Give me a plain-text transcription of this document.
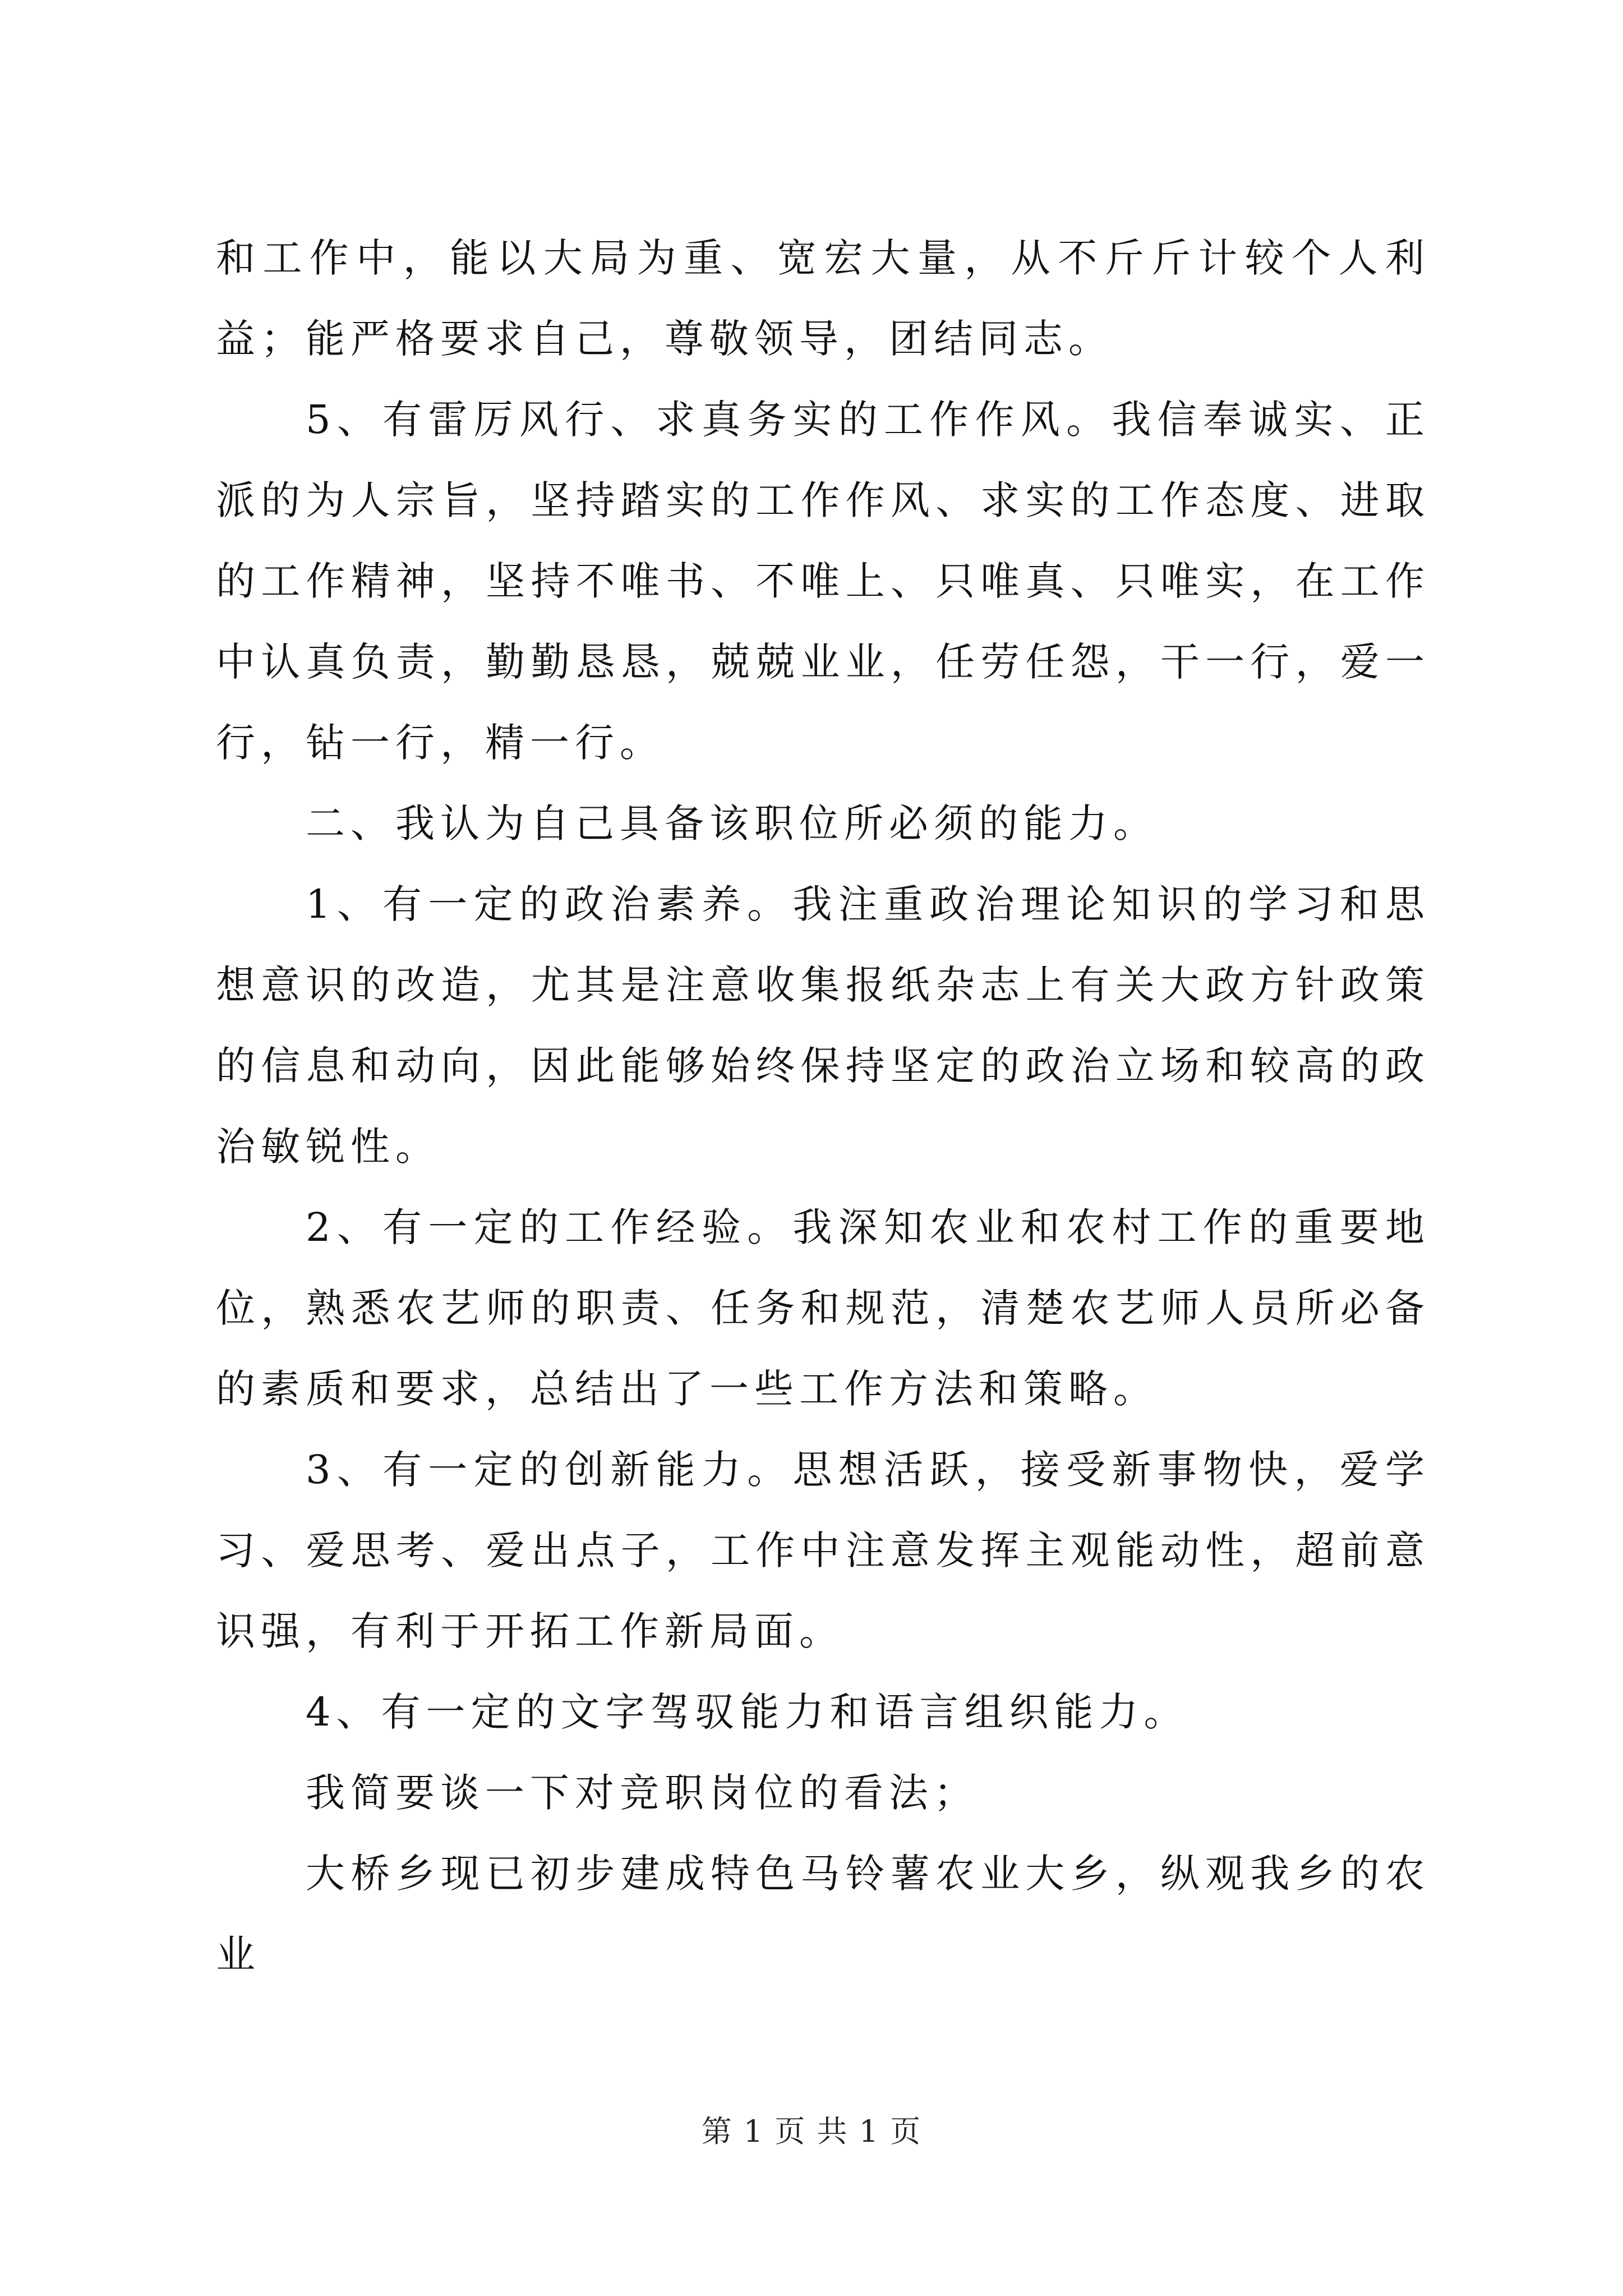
和工作中，能以大局为重、宽宏大量，从不斤斤计较个人利益；能严格要求自己，尊敬领导，团结同志。

5、有雷厉风行、求真务实的工作作风。我信奉诚实、正派的为人宗旨，坚持踏实的工作作风、求实的工作态度、进取的工作精神，坚持不唯书、不唯上、只唯真、只唯实，在工作中认真负责，勤勤恳恳，兢兢业业，任劳任怨，干一行，爱一行，钻一行，精一行。

二、我认为自己具备该职位所必须的能力。

1、有一定的政治素养。我注重政治理论知识的学习和思想意识的改造，尤其是注意收集报纸杂志上有关大政方针政策的信息和动向，因此能够始终保持坚定的政治立场和较高的政治敏锐性。

2、有一定的工作经验。我深知农业和农村工作的重要地位，熟悉农艺师的职责、任务和规范，清楚农艺师人员所必备的素质和要求，总结出了一些工作方法和策略。

3、有一定的创新能力。思想活跃，接受新事物快，爱学习、爱思考、爱出点子，工作中注意发挥主观能动性，超前意识强，有利于开拓工作新局面。

4、有一定的文字驾驭能力和语言组织能力。

我简要谈一下对竞职岗位的看法；

大桥乡现已初步建成特色马铃薯农业大乡，纵观我乡的农业

第 1 页 共 1 页
